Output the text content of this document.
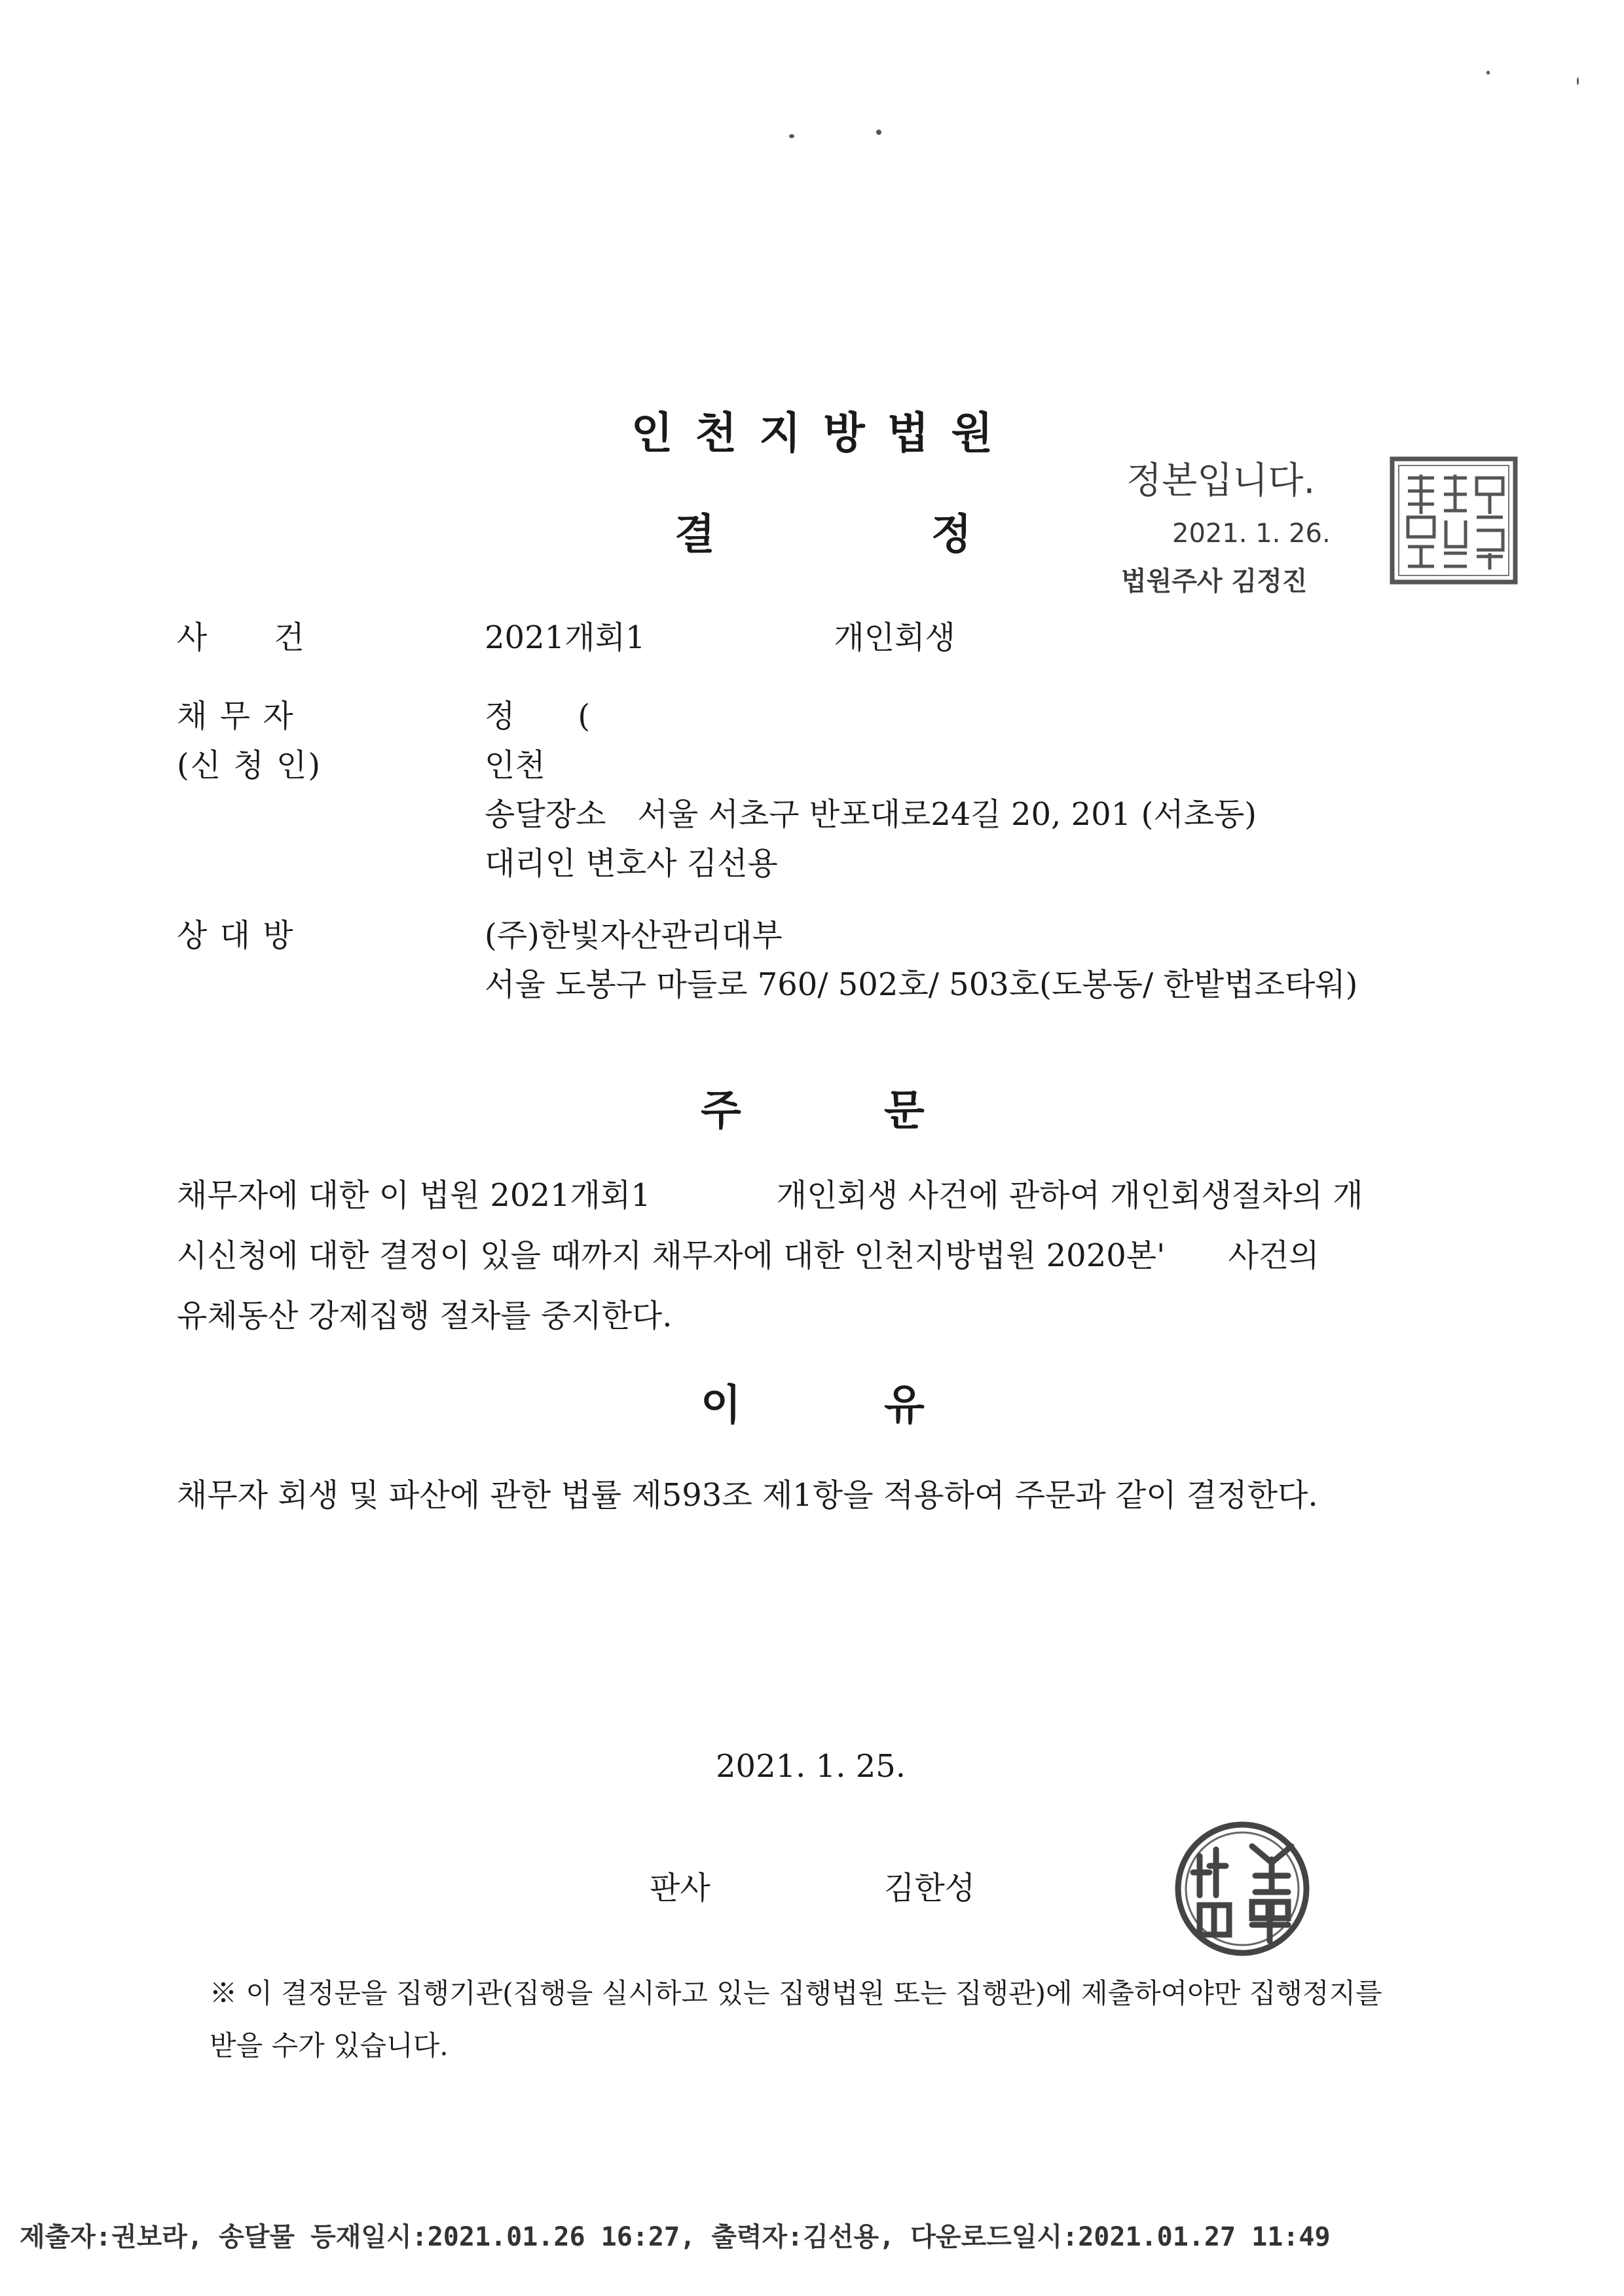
인천지방법원
결정
정본입니다.
2021. 1. 26.
법원주사 김정진
사　　건	2021개회1　　　　　　개인회생
채 무 자	정　　(
(신 청 인)	인천
송달장소　서울 서초구 반포대로24길 20, 201 (서초동)
대리인 변호사 김선용
상 대 방	(주)한빛자산관리대부
서울 도봉구 마들로 760/ 502호/ 503호(도봉동/ 한밭법조타워)
주	문
채무자에 대한 이 법원 2021개회1　　　　개인회생 사건에 관하여 개인회생절차의 개
시신청에 대한 결정이 있을 때까지 채무자에 대한 인천지방법원 2020본'　　사건의
유체동산 강제집행 절차를 중지한다.
이	유
채무자 회생 및 파산에 관한 법률 제593조 제1항을 적용하여 주문과 같이 결정한다.
2021. 1. 25.
판사	김한성
※ 이 결정문을 집행기관(집행을 실시하고 있는 집행법원 또는 집행관)에 제출하여야만 집행정지를
받을 수가 있습니다.
제출자:권보라, 송달물 등재일시:2021.01.26 16:27, 출력자:김선용, 다운로드일시:2021.01.27 11:49
